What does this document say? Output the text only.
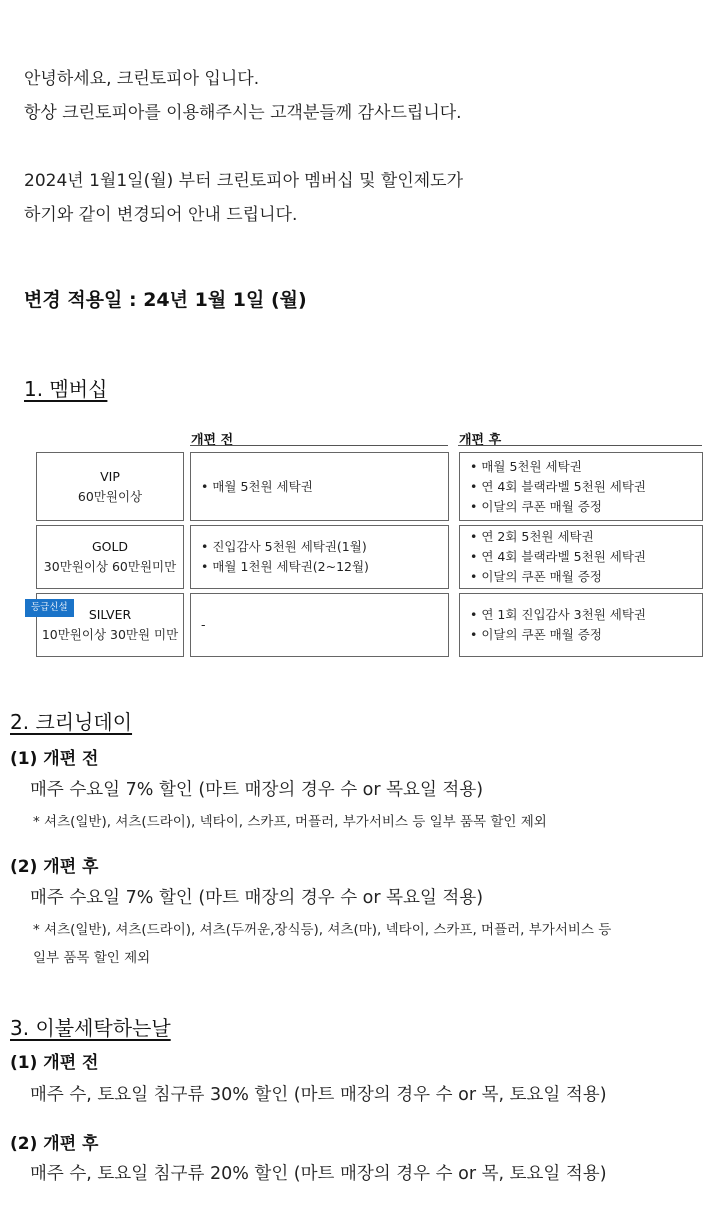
안녕하세요, 크린토피아 입니다.
항상 크린토피아를 이용해주시는 고객분들께 감사드립니다.
2024년 1월1일(월) 부터 크린토피아 멤버십 및 할인제도가
하기와 같이 변경되어 안내 드립니다.
변경 적용일 : 24년 1월 1일 (월)
1. 멤버십
개편 전	개편 후
VIP
60만원이상
• 매월 5천원 세탁권
• 매월 5천원 세탁권
• 연 4회 블랙라벨 5천원 세탁권
• 이달의 쿠폰 매월 증정
GOLD
30만원이상 60만원미만
• 진입감사 5천원 세탁권(1월)
• 매월 1천원 세탁권(2~12월)
• 연 2회 5천원 세탁권
• 연 4회 블랙라벨 5천원 세탁권
• 이달의 쿠폰 매월 증정
SILVER
10만원이상 30만원 미만
등급신설
-
• 연 1회 진입감사 3천원 세탁권
• 이달의 쿠폰 매월 증정
2. 크리닝데이
(1) 개편 전
매주 수요일 7% 할인 (마트 매장의 경우 수 or 목요일 적용)
* 셔츠(일반), 셔츠(드라이), 넥타이, 스카프, 머플러, 부가서비스 등 일부 품목 할인 제외
(2) 개편 후
매주 수요일 7% 할인 (마트 매장의 경우 수 or 목요일 적용)
* 셔츠(일반), 셔츠(드라이), 셔츠(두꺼운,장식등), 셔츠(마), 넥타이, 스카프, 머플러, 부가서비스 등
일부 품목 할인 제외
3. 이불세탁하는날
(1) 개편 전
매주 수, 토요일 침구류 30% 할인 (마트 매장의 경우 수 or 목, 토요일 적용)
(2) 개편 후
매주 수, 토요일 침구류 20% 할인 (마트 매장의 경우 수 or 목, 토요일 적용)
